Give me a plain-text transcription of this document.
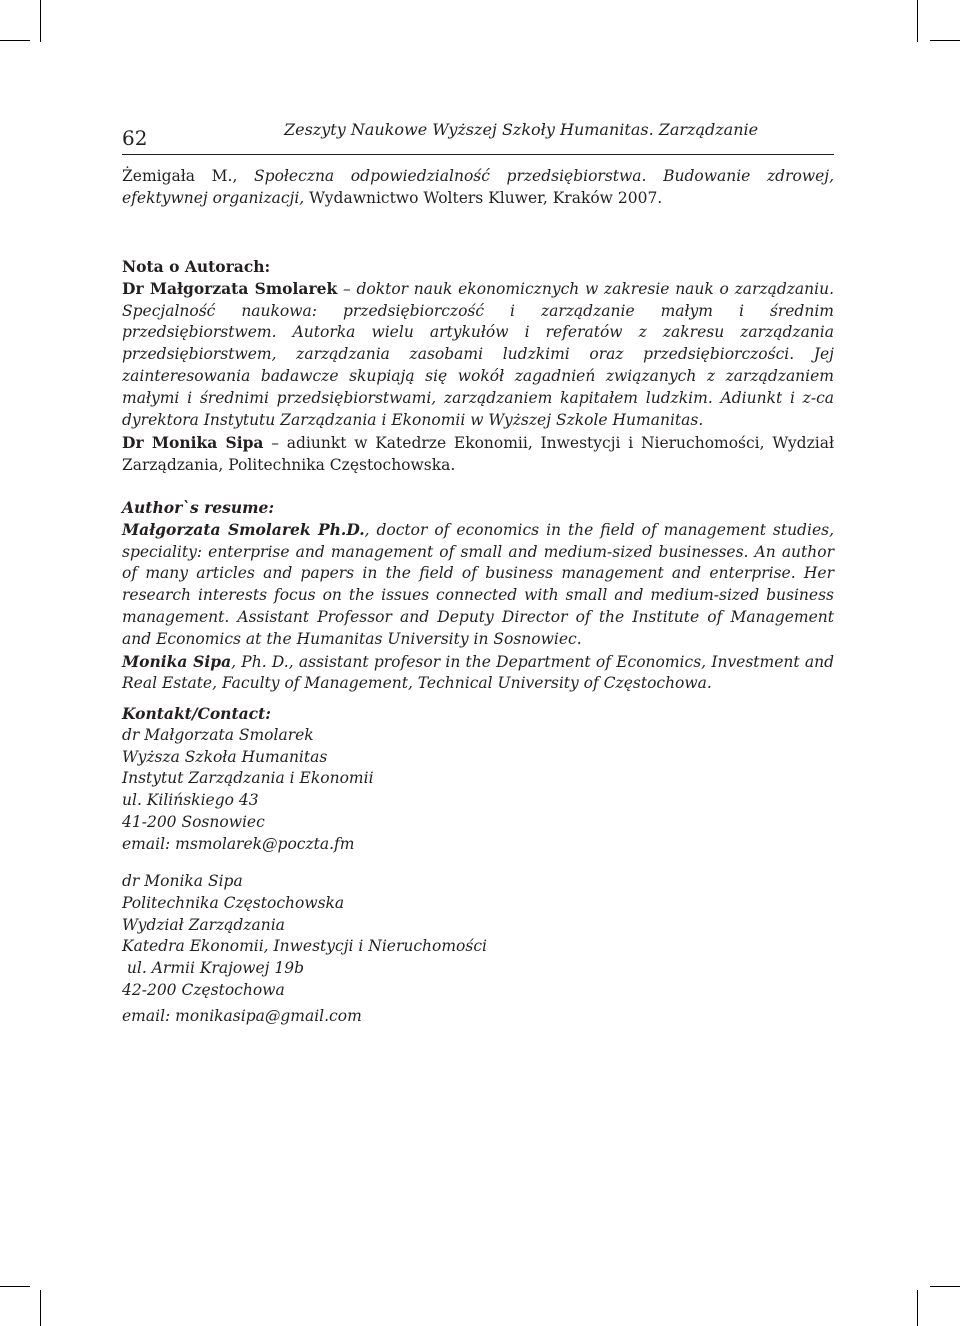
62	Zeszyty Naukowe Wyższej Szkoły Humanitas. Zarządzanie
Żemigała M., Społeczna odpowiedzialność przedsiębiorstwa. Budowanie zdrowej, efektywnej organizacji, Wydawnictwo Wolters Kluwer, Kraków 2007.
Nota o Autorach:

Dr Małgorzata Smolarek – doktor nauk ekonomicznych w zakresie nauk o zarządzaniu. Specjalność naukowa: przedsiębiorczość i zarządzanie małym i średnim przedsiębiorstwem. Autorka wielu artykułów i referatów z zakresu zarządzania przedsiębiorstwem, zarządzania zasobami ludzkimi oraz przedsiębiorczości. Jej zainteresowania badawcze skupiają się wokół zagadnień związanych z zarządzaniem małymi i średnimi przedsiębiorstwami, zarządzaniem kapitałem ludzkim. Adiunkt i z-ca dyrektora Instytutu Zarządzania i Ekonomii w Wyższej Szkole Humanitas.

Dr Monika Sipa – adiunkt w Katedrze Ekonomii, Inwestycji i Nieruchomości, Wydział Zarządzania, Politechnika Częstochowska.

Author`s resume:

Małgorzata Smolarek Ph.D., doctor of economics in the field of management studies, speciality: enterprise and management of small and medium-sized businesses. An author of many articles and papers in the field of business management and enterprise. Her research interests focus on the issues connected with small and medium-sized business management. Assistant Professor and Deputy Director of the Institute of Management and Economics at the Humanitas University in Sosnowiec.

Monika Sipa, Ph. D., assistant profesor in the Department of Economics, Investment and Real Estate, Faculty of Management, Technical University of Częstochowa.

Kontakt/Contact:
dr Małgorzata Smolarek
Wyższa Szkoła Humanitas
Instytut Zarządzania i Ekonomii
ul. Kilińskiego 43
41-200 Sosnowiec
email: msmolarek@poczta.fm
dr Monika Sipa
Politechnika Częstochowska
Wydział Zarządzania
Katedra Ekonomii, Inwestycji i Nieruchomości
ul. Armii Krajowej 19b
42-200 Częstochowa
email: monikasipa@gmail.com
